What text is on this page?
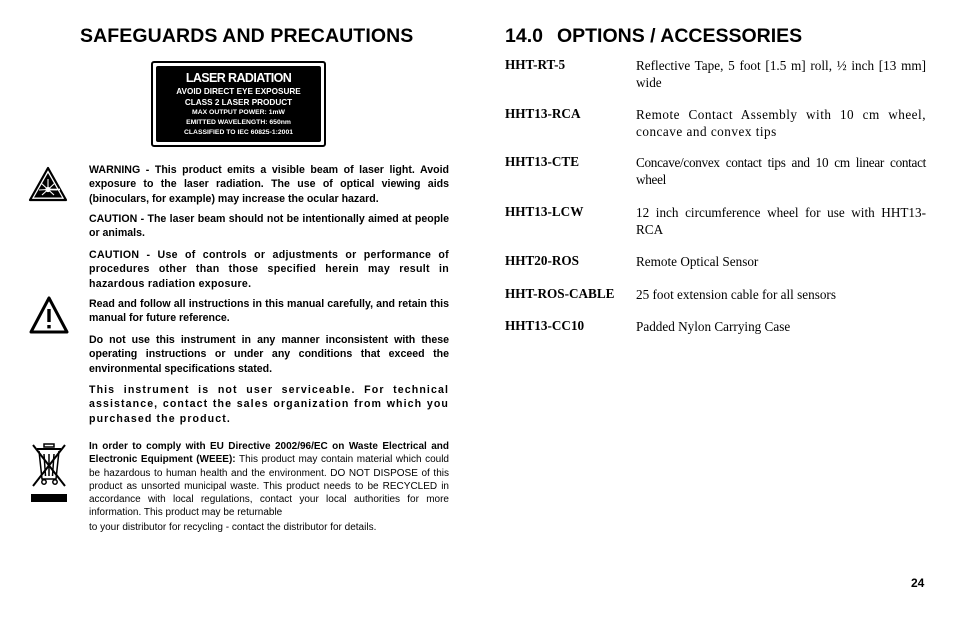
SAFEGUARDS AND PRECAUTIONS
LASER RADIATION
AVOID DIRECT EYE EXPOSURE
CLASS 2 LASER PRODUCT
MAX OUTPUT POWER: 1mW
EMITTED WAVELENGTH: 650nm
CLASSIFIED TO IEC 60825-1:2001

WARNING - This product emits a visible beam of laser light. Avoid exposure to the laser radiation. The use of optical viewing aids (binoculars, for example) may increase the ocular hazard.

CAUTION - The laser beam should not be intentionally aimed at people or animals.

CAUTION - Use of controls or adjustments or performance of procedures other than those specified herein may result in hazardous radiation exposure.

Read and follow all instructions in this manual carefully, and retain this manual for future reference.

Do not use this instrument in any manner inconsistent with these operating instructions or under any conditions that exceed the environmental specifications stated.

This instrument is not user serviceable. For technical assistance, contact the sales organization from which you purchased the product.

In order to comply with EU Directive 2002/96/EC on Waste Electrical and Electronic Equipment (WEEE): This product may contain material which could be hazardous to human health and the environment. DO NOT DISPOSE of this product as unsorted municipal waste. This product needs to be RECYCLED in accordance with local regulations, contact your local authorities for more information. This product may be returnable

to your distributor for recycling - contact the distributor for details.

14.0 OPTIONS / ACCESSORIES

HHT-RT-5	Reflective Tape, 5 foot [1.5 m] roll, ½ inch [13 mm] wide

HHT13-RCA	Remote Contact Assembly with 10 cm wheel, concave and convex tips

HHT13-CTE	Concave/convex contact tips and 10 cm linear contact wheel

HHT13-LCW	12 inch circumference wheel for use with HHT13-RCA

HHT20-ROS	Remote Optical Sensor

HHT-ROS-CABLE 25 foot extension cable for all sensors

HHT13-CC10	Padded Nylon Carrying Case

24
